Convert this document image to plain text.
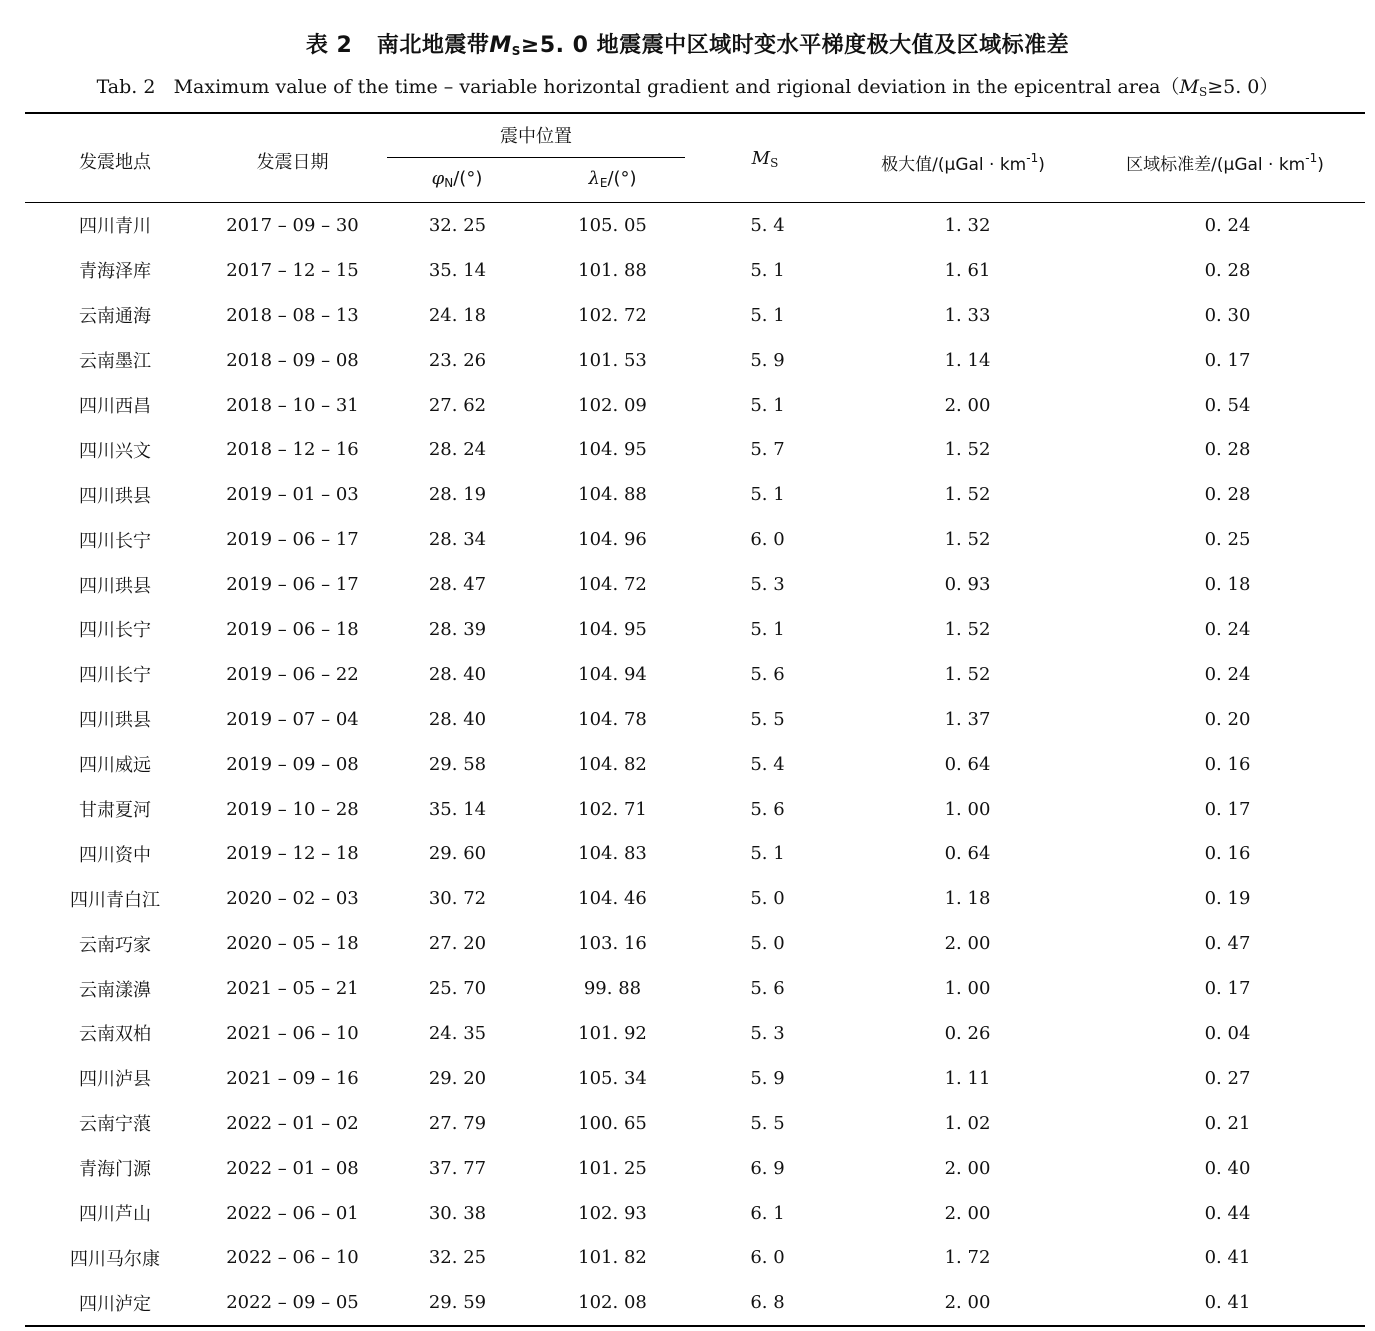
表 2 南北地震带$M_S\ge 5$. 0 地震震中区域时变水平梯度极大值及区域标准差
Tab. 2 Maximum value of the time – variable horizontal gradient and rigional deviation in the epicentral $area(M_S\ge 5$. 0）
发震地点	发震日期
震中位置
$\varphi_N/(^\circ)$	$\lambda_E/(^\circ)$
$M_S$	极大值$/(\mu Gal \cdot km^{-1})$	区域标准差$/(\mu Gal \cdot km^{-1})$
四川青川	2017 – 09 – 30	32. 25	105. 05	5. 4	1. 32	0. 24
青海泽库	2017 – 12 – 15	35. 14	101. 88	5. 1	1. 61	0. 28
云南通海	2018 – 08 – 13	24. 18	102. 72	5. 1	1. 33	0. 30
云南墨江	2018 – 09 – 08	23. 26	101. 53	5. 9	1. 14	0. 17
四川西昌	2018 – 10 – 31	27. 62	102. 09	5. 1	2. 00	0. 54
四川兴文	2018 – 12 – 16	28. 24	104. 95	5. 7	1. 52	0. 28
四川珙县	2019 – 01 – 03	28. 19	104. 88	5. 1	1. 52	0. 28
四川长宁	2019 – 06 – 17	28. 34	104. 96	6. 0	1. 52	0. 25
四川珙县	2019 – 06 – 17	28. 47	104. 72	5. 3	0. 93	0. 18
四川长宁	2019 – 06 – 18	28. 39	104. 95	5. 1	1. 52	0. 24
四川长宁	2019 – 06 – 22	28. 40	104. 94	5. 6	1. 52	0. 24
四川珙县	2019 – 07 – 04	28. 40	104. 78	5. 5	1. 37	0. 20
四川威远	2019 – 09 – 08	29. 58	104. 82	5. 4	0. 64	0. 16
甘肃夏河	2019 – 10 – 28	35. 14	102. 71	5. 6	1. 00	0. 17
四川资中	2019 – 12 – 18	29. 60	104. 83	5. 1	0. 64	0. 16
四川青白江	2020 – 02 – 03	30. 72	104. 46	5. 0	1. 18	0. 19
云南巧家	2020 – 05 – 18	27. 20	103. 16	5. 0	2. 00	0. 47
云南漾濞	2021 – 05 – 21	25. 70	99. 88	5. 6	1. 00	0. 17
云南双柏	2021 – 06 – 10	24. 35	101. 92	5. 3	0. 26	0. 04
四川泸县	2021 – 09 – 16	29. 20	105. 34	5. 9	1. 11	0. 27
云南宁蒗	2022 – 01 – 02	27. 79	100. 65	5. 5	1. 02	0. 21
青海门源	2022 – 01 – 08	37. 77	101. 25	6. 9	2. 00	0. 40
四川芦山	2022 – 06 – 01	30. 38	102. 93	6. 1	2. 00	0. 44
四川马尔康	2022 – 06 – 10	32. 25	101. 82	6. 0	1. 72	0. 41
四川泸定	2022 – 09 – 05	29. 59	102. 08	6. 8	2. 00	0. 41
